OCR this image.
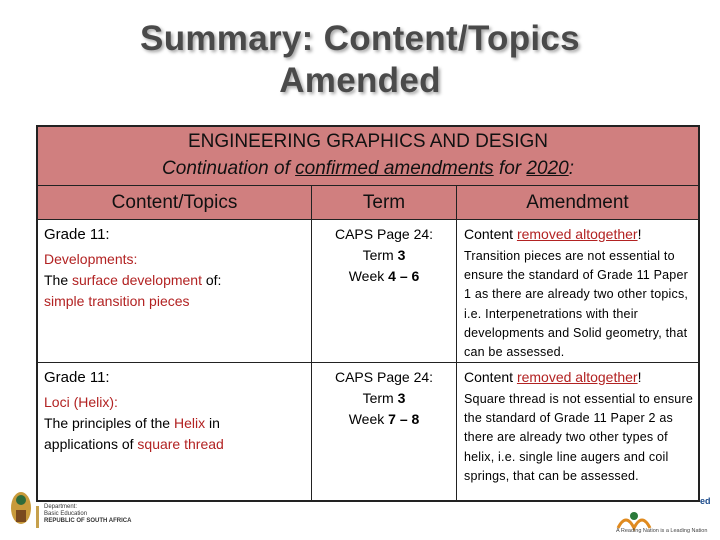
Summary: Content/Topics
Amended
ENGINEERING GRAPHICS AND DESIGN
Continuation of confirmed amendments for 2020:
Content/Topics	Term	Amendment
Grade 11:
Developments:
The surface development of:
simple transition pieces
CAPS Page 24:
Term 3
Week 4 – 6
Content removed altogether!
Transition pieces are not essential to ensure the standard of Grade 11 Paper 1 as there are already two other topics, i.e. Interpenetrations with their developments and Solid geometry, that can be assessed.
Grade 11:
Loci (Helix):
The principles of the Helix in
applications of square thread
CAPS Page 24:
Term 3
Week 7 – 8
Content removed altogether!
Square thread is not essential to ensure the standard of Grade 11 Paper 2 as there are already two other types of helix, i.e. single line augers and coil springs, that can be assessed.
Department:
Basic Education
REPUBLIC OF SOUTH AFRICA
ed
A Reading Nation is a Leading Nation
